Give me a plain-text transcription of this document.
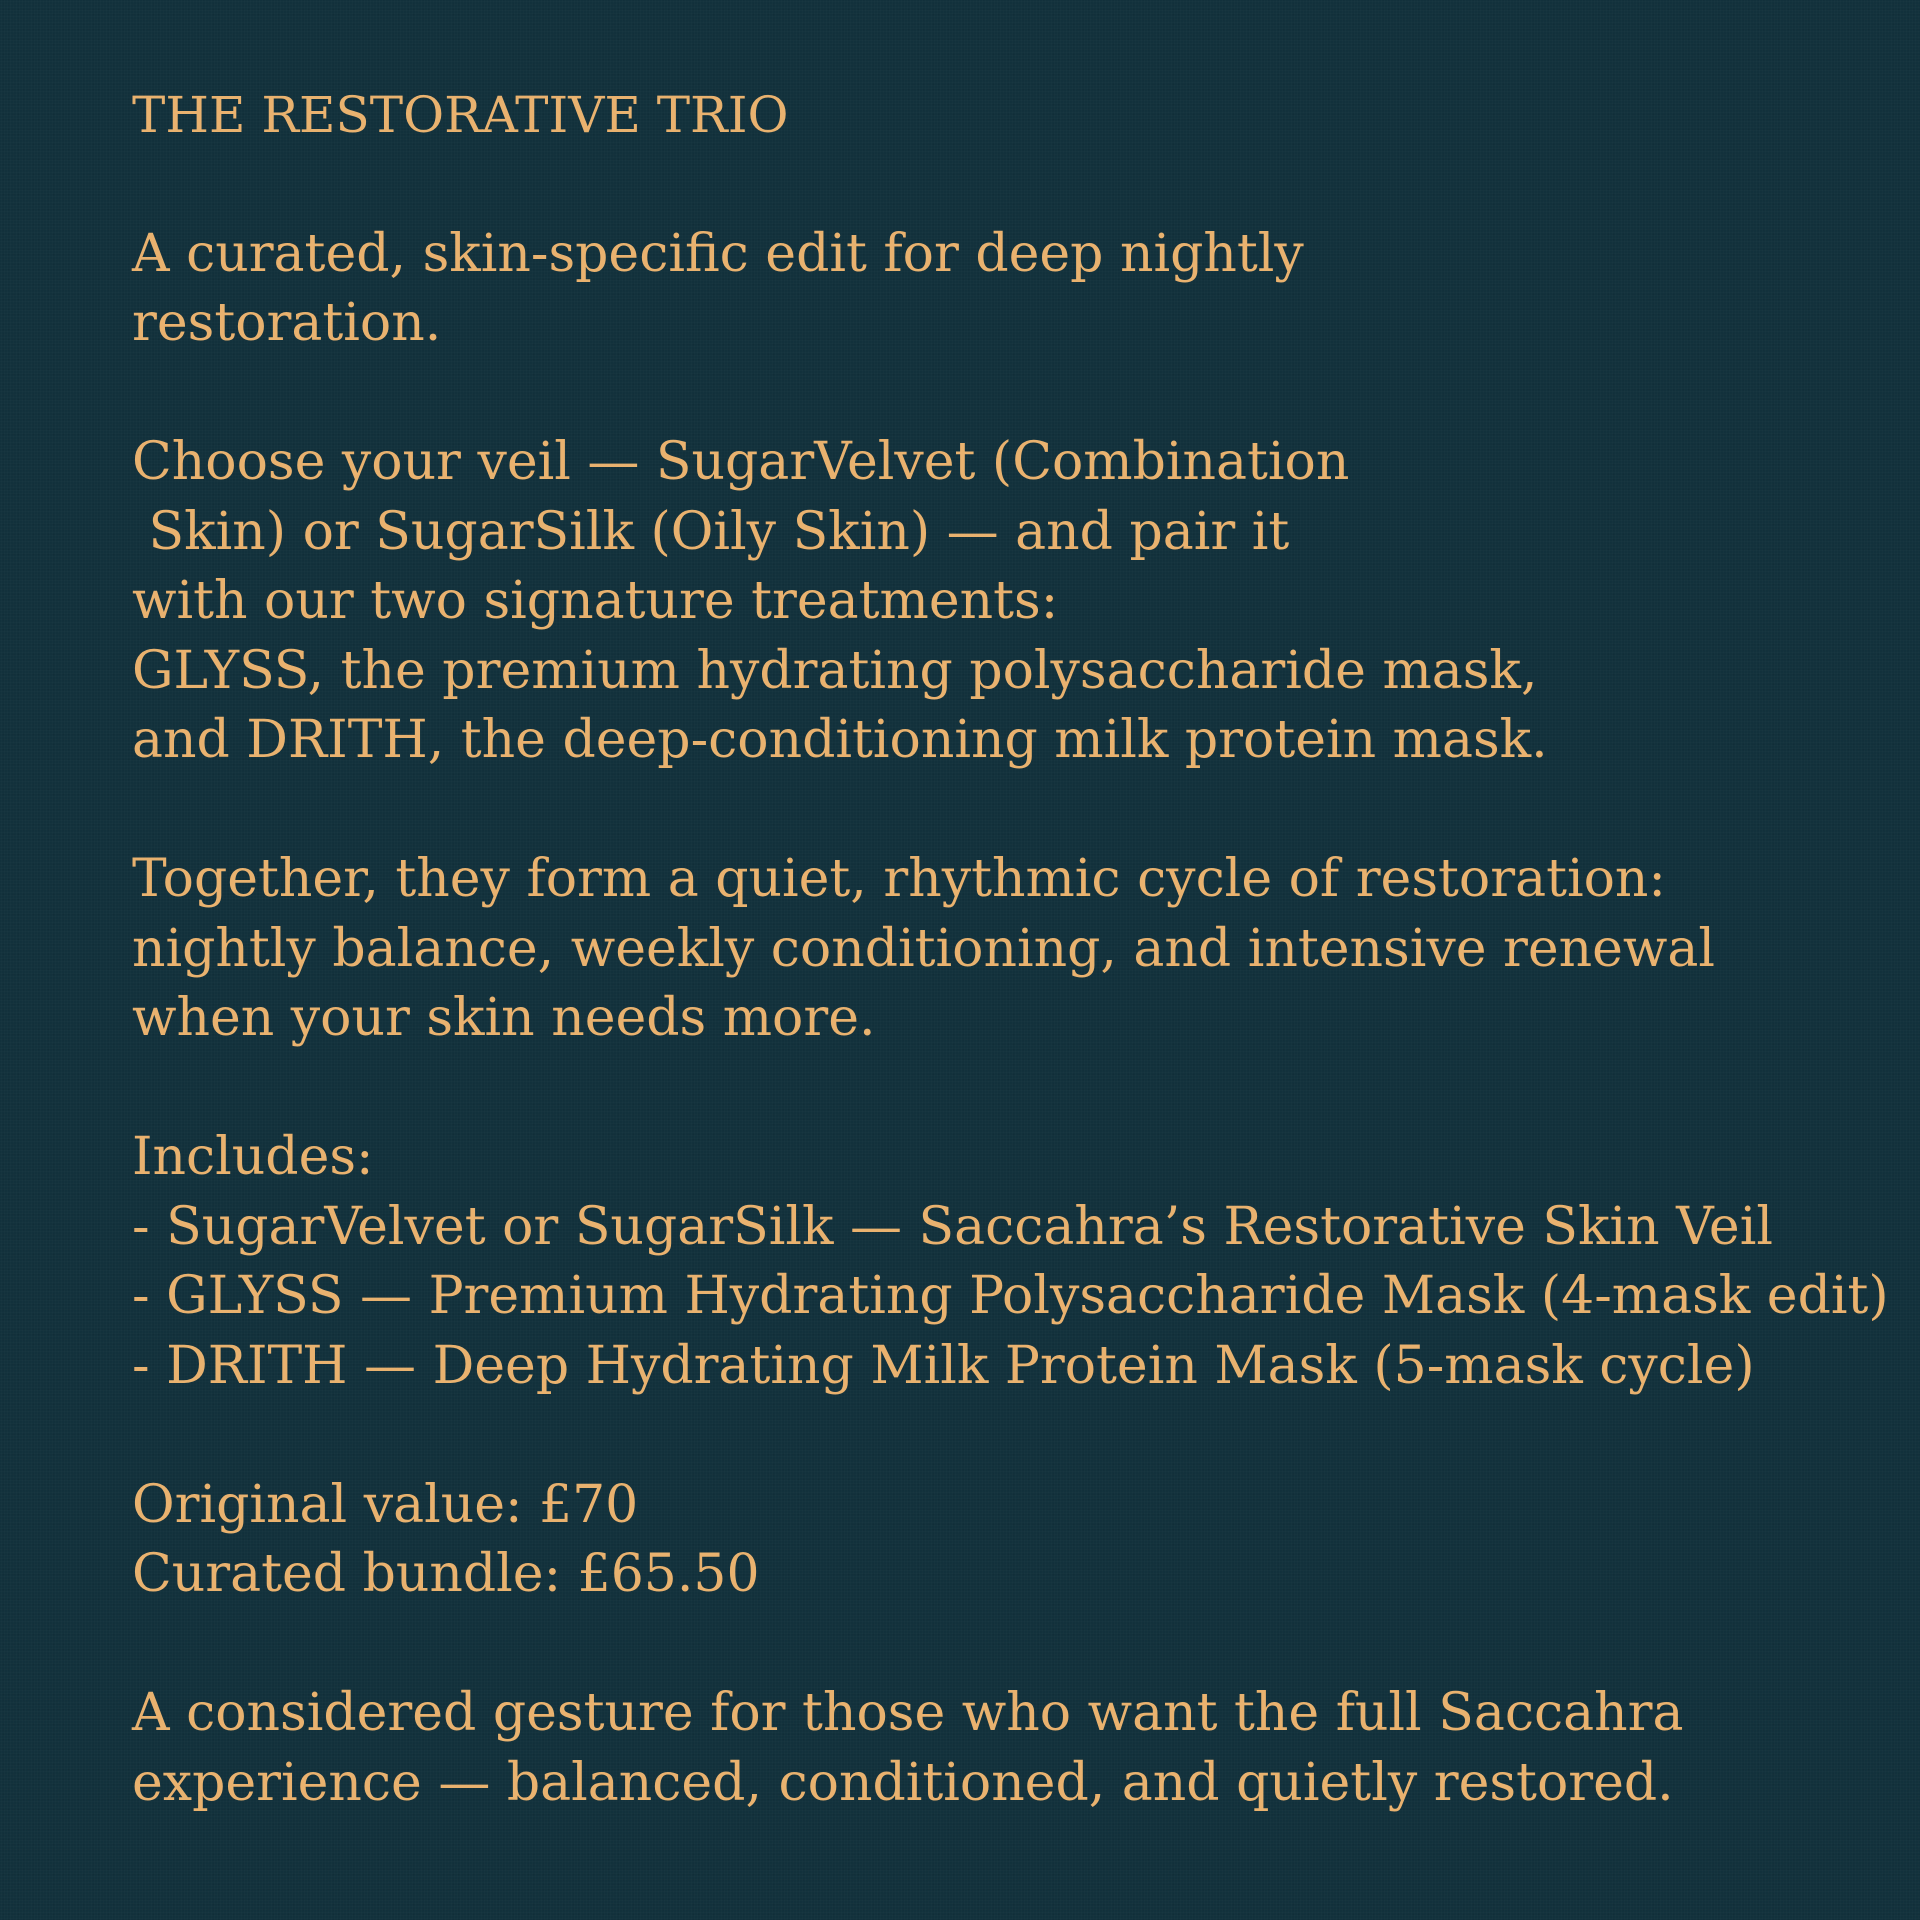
THE RESTORATIVE TRIO
A curated, skin-specific edit for deep nightly
restoration.
Choose your veil — SugarVelvet (Combination
Skin) or SugarSilk (Oily Skin) — and pair it
with our two signature treatments:
GLYSS, the premium hydrating polysaccharide mask,
and DRITH, the deep-conditioning milk protein mask.
Together, they form a quiet, rhythmic cycle of restoration:
nightly balance, weekly conditioning, and intensive renewal
when your skin needs more.
Includes:
- SugarVelvet or SugarSilk — Saccahra’s Restorative Skin Veil
- GLYSS — Premium Hydrating Polysaccharide Mask (4-mask edit)
- DRITH — Deep Hydrating Milk Protein Mask (5-mask cycle)
Original value: £70
Curated bundle: £65.50
A considered gesture for those who want the full Saccahra
experience — balanced, conditioned, and quietly restored.
